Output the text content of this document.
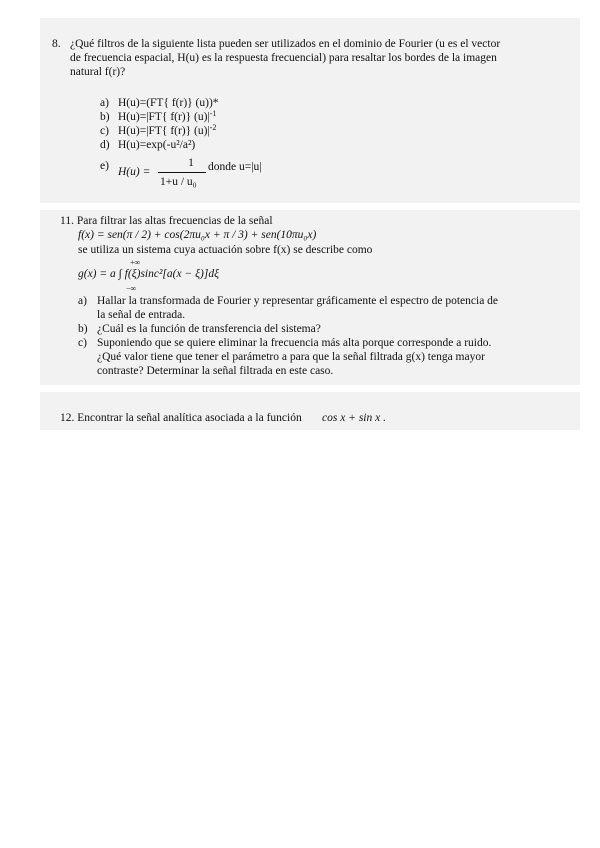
8. ¿Qué filtros de la siguiente lista pueden ser utilizados en el dominio de Fourier (u es el vector
de frecuencia espacial, H(u) es la respuesta frecuencial) para resaltar los bordes de la imagen
natural f(r)?
a) H(u)=(FT{ f(r)} (u))*
b) H(u)=|FT{ f(r)} $(u)|^{-1}$
c) H(u)=|FT{ f(r)} $(u)|^{-2}$
d) H(u)=exp(-u²/a²)
e) H(u) =
1
1+u / u₀
donde u=|u|
11. Para filtrar las altas frecuencias de la señal
f(x) = sen(π / 2) + cos(2πu₀x + π / 3) + sen(10πu₀x)
se utiliza un sistema cuya actuación sobre f(x) se describe como
+∞
g(x) = a ∫ f(ξ)sinc²[a(x − ξ)]dξ
−∞
a) Hallar la transformada de Fourier y representar gráficamente el espectro de potencia de
la señal de entrada.
b) ¿Cuál es la función de transferencia del sistema?
c) Suponiendo que se quiere eliminar la frecuencia más alta porque corresponde a ruido.
¿Qué valor tiene que tener el parámetro a para que la señal filtrada g(x) tenga mayor
contraste? Determinar la señal filtrada en este caso.
12. Encontrar la señal analítica asociada a la función cos x + sin x .
